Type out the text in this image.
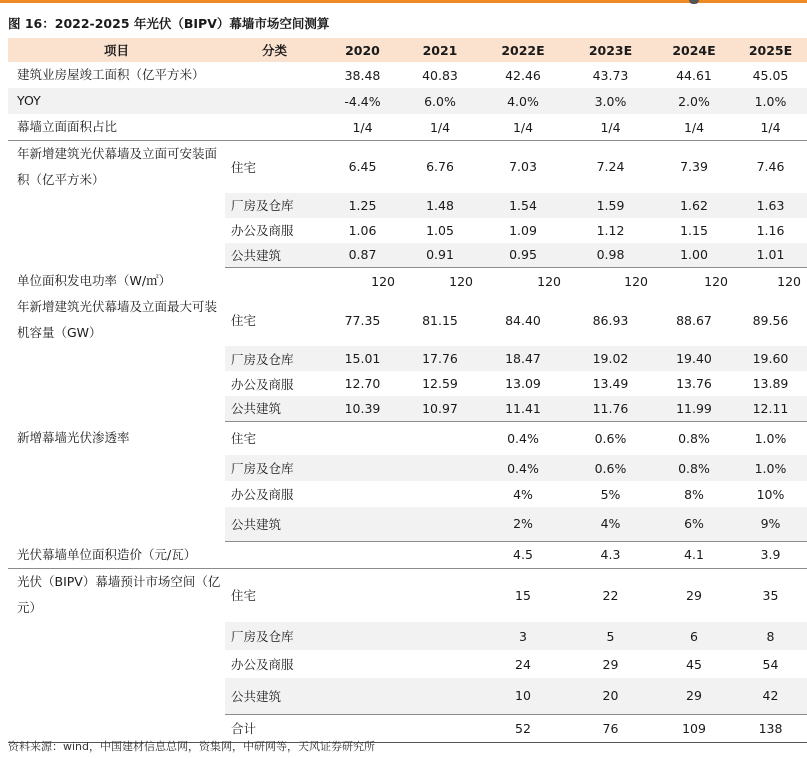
图 16：2022-2025 年光伏（BIPV）幕墙市场空间测算
项目	分类	2020	2021	2022E	2023E	2024E	2025E
建筑业房屋竣工面积（亿平方米）		38.48	40.83	42.46	43.73	44.61	45.05
YOY		-4.4%	6.0%	4.0%	3.0%	2.0%	1.0%
幕墙立面面积占比		1/4	1/4	1/4	1/4	1/4	1/4
年新增建筑光伏幕墙及立面可安装面积（亿平方米）	住宅	6.45	6.76	7.03	7.24	7.39	7.46
	厂房及仓库	1.25	1.48	1.54	1.59	1.62	1.63
	办公及商服	1.06	1.05	1.09	1.12	1.15	1.16
	公共建筑	0.87	0.91	0.95	0.98	1.00	1.01
单位面积发电功率（W/㎡）		120	120	120	120	120	120
年新增建筑光伏幕墙及立面最大可装机容量（GW）	住宅	77.35	81.15	84.40	86.93	88.67	89.56
	厂房及仓库	15.01	17.76	18.47	19.02	19.40	19.60
	办公及商服	12.70	12.59	13.09	13.49	13.76	13.89
	公共建筑	10.39	10.97	11.41	11.76	11.99	12.11
新增幕墙光伏渗透率	住宅			0.4%	0.6%	0.8%	1.0%
	厂房及仓库			0.4%	0.6%	0.8%	1.0%
	办公及商服			4%	5%	8%	10%
	公共建筑			2%	4%	6%	9%
光伏幕墙单位面积造价（元/瓦）				4.5	4.3	4.1	3.9
光伏（BIPV）幕墙预计市场空间（亿元）	住宅			15	22	29	35
	厂房及仓库			3	5	6	8
	办公及商服			24	29	45	54
	公共建筑			10	20	29	42
	合计			52	76	109	138
资料来源：wind，中国建材信息总网，资集网，中研网等，天风证券研究所
